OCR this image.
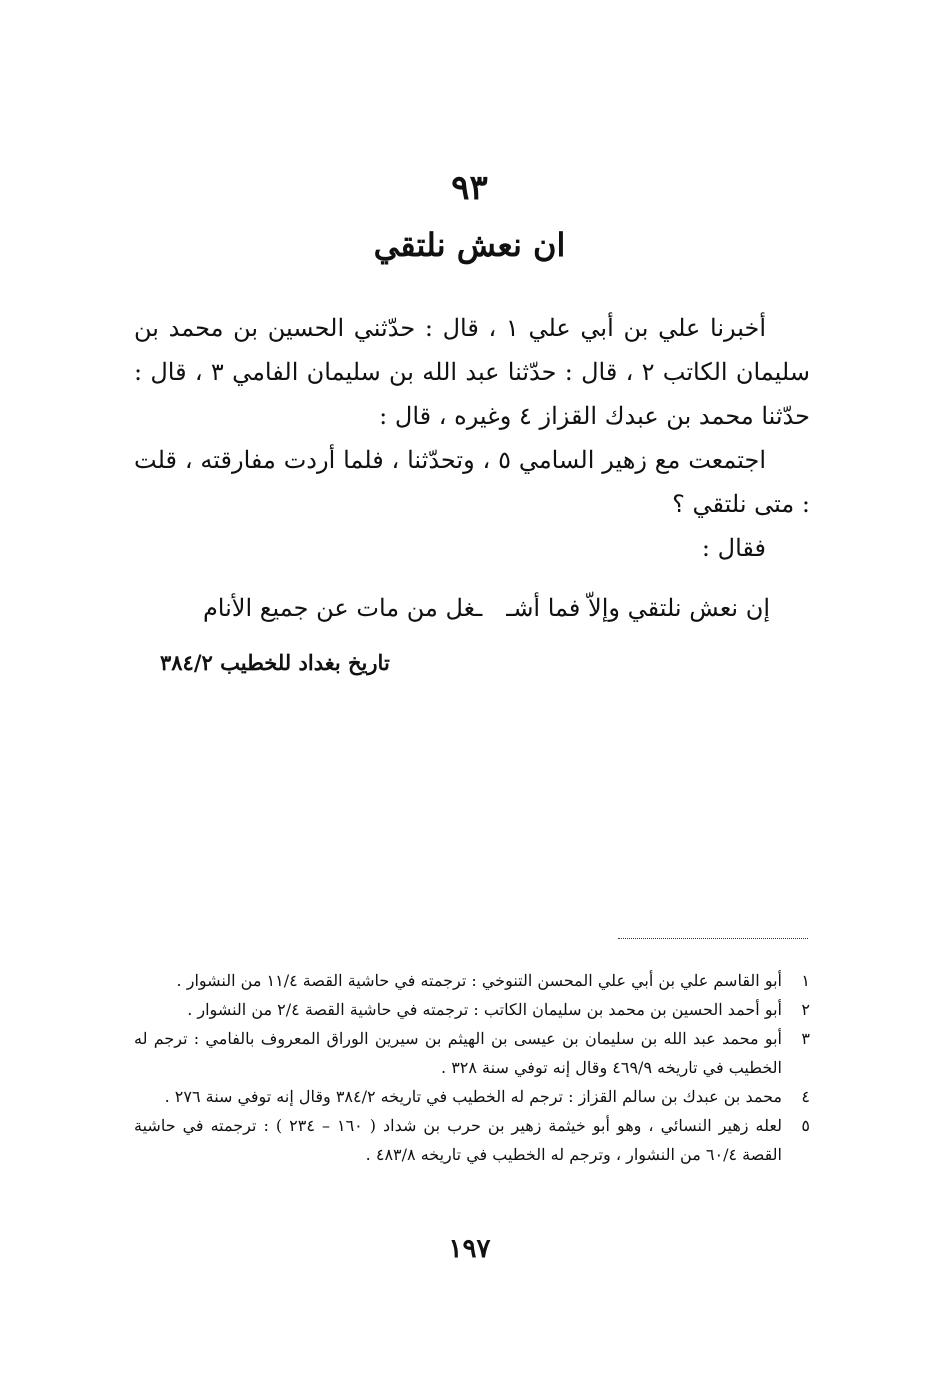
٩٣
ان نعش نلتقي

أخبرنا علي بن أبي علي ١ ، قال : حدّثني الحسين بن محمد بن سليمان الكاتب ٢ ، قال : حدّثنا عبد الله بن سليمان الفامي ٣ ، قال : حدّثنا محمد بن عبدك القزاز ٤ وغيره ، قال :

اجتمعت مع زهير السامي ٥ ، وتحدّثنا ، فلما أردت مفارقته ، قلت : متى نلتقي ؟

فقال :

إن نعش نلتقي وإلاّ فما أشــغل من مات عن جميع الأنام
تاريخ بغداد للخطيب ٣٨٤/٢
١
أبو القاسم علي بن أبي علي المحسن التنوخي : ترجمته في حاشية القصة ١١/٤ من النشوار .
٢
أبو أحمد الحسين بن محمد بن سليمان الكاتب : ترجمته في حاشية القصة ٢/٤ من النشوار .
٣
أبو محمد عبد الله بن سليمان بن عيسى بن الهيثم بن سيرين الوراق المعروف بالفامي : ترجم له الخطيب في تاريخه ٤٦٩/٩ وقال إنه توفي سنة ٣٢٨ .
٤
محمد بن عبدك بن سالم القزاز : ترجم له الخطيب في تاريخه ٣٨٤/٢ وقال إنه توفي سنة ٢٧٦ .
٥
لعله زهير النسائي ، وهو أبو خيثمة زهير بن حرب بن شداد ( ١٦٠ – ٢٣٤ ) : ترجمته في حاشية القصة ٦٠/٤ من النشوار ، وترجم له الخطيب في تاريخه ٤٨٣/٨ .
١٩٧
